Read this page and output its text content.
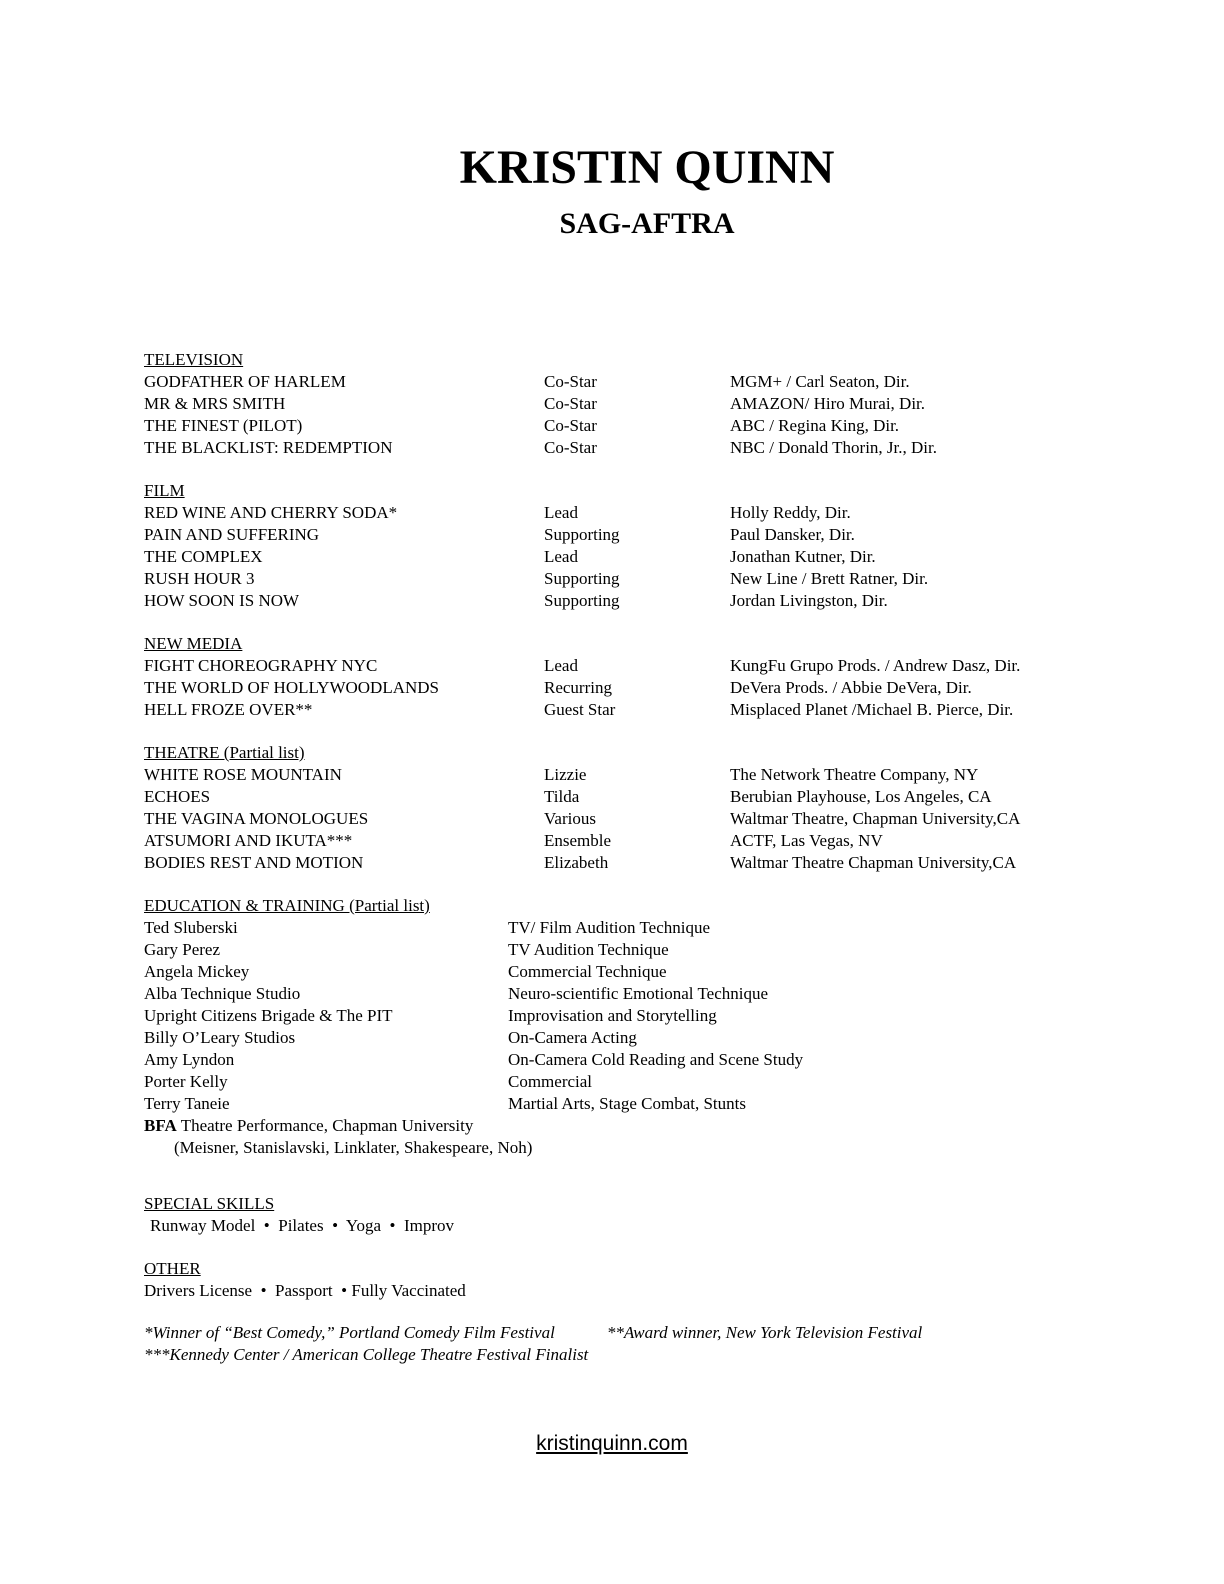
KRISTIN QUINN
SAG-AFTRA
TELEVISION
GODFATHER OF HARLEM	Co-Star	MGM+ / Carl Seaton, Dir.
MR & MRS SMITH	Co-Star	AMAZON/ Hiro Murai, Dir.
THE FINEST (PILOT)	Co-Star	ABC / Regina King, Dir.
THE BLACKLIST: REDEMPTION	Co-Star	NBC / Donald Thorin, Jr., Dir.
FILM
RED WINE AND CHERRY SODA*	Lead	Holly Reddy, Dir.
PAIN AND SUFFERING	Supporting	Paul Dansker, Dir.
THE COMPLEX	Lead	Jonathan Kutner, Dir.
RUSH HOUR 3	Supporting	New Line / Brett Ratner, Dir.
HOW SOON IS NOW	Supporting	Jordan Livingston, Dir.
NEW MEDIA
FIGHT CHOREOGRAPHY NYC	Lead	KungFu Grupo Prods. / Andrew Dasz, Dir.
THE WORLD OF HOLLYWOODLANDS	Recurring	DeVera Prods. / Abbie DeVera, Dir.
HELL FROZE OVER**	Guest Star	Misplaced Planet /Michael B. Pierce, Dir.
THEATRE (Partial list)
WHITE ROSE MOUNTAIN	Lizzie	The Network Theatre Company, NY
ECHOES	Tilda	Berubian Playhouse, Los Angeles, CA
THE VAGINA MONOLOGUES	Various	Waltmar Theatre, Chapman University,CA
ATSUMORI AND IKUTA***	Ensemble	ACTF, Las Vegas, NV
BODIES REST AND MOTION	Elizabeth	Waltmar Theatre Chapman University,CA
EDUCATION & TRAINING (Partial list)
Ted Sluberski	TV/ Film Audition Technique
Gary Perez	TV Audition Technique
Angela Mickey	Commercial Technique
Alba Technique Studio	Neuro-scientific Emotional Technique
Upright Citizens Brigade & The PIT	Improvisation and Storytelling
Billy O’Leary Studios	On-Camera Acting
Amy Lyndon	On-Camera Cold Reading and Scene Study
Porter Kelly	Commercial
Terry Taneie	Martial Arts, Stage Combat, Stunts
BFA Theatre Performance, Chapman University
(Meisner, Stanislavski, Linklater, Shakespeare, Noh)
SPECIAL SKILLS
Runway Model  •  Pilates  •  Yoga  •  Improv
OTHER
Drivers License  •  Passport  • Fully Vaccinated
*Winner of “Best Comedy,” Portland Comedy Film Festival	**Award winner, New York Television Festival
***Kennedy Center / American College Theatre Festival Finalist
kristinquinn.com
